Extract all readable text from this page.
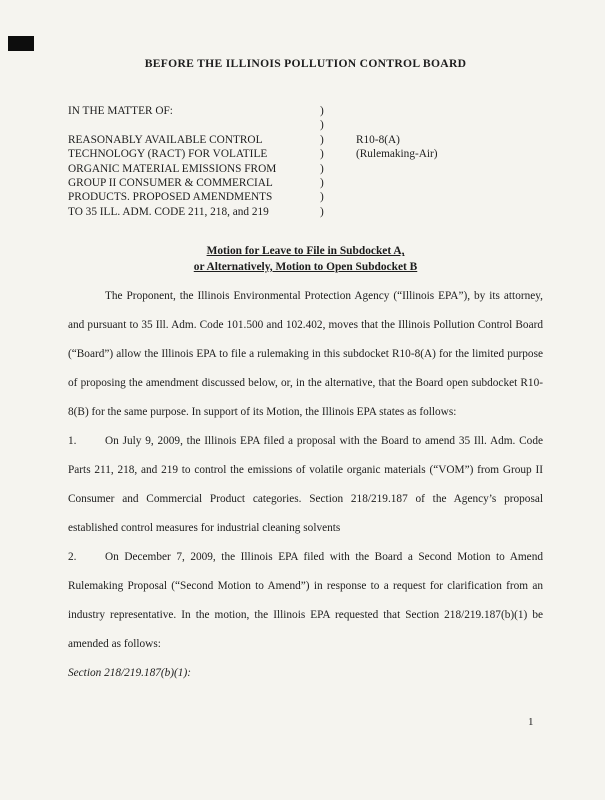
BEFORE THE ILLINOIS POLLUTION CONTROL BOARD
IN THE MATTER OF:
REASONABLY AVAILABLE CONTROL
TECHNOLOGY (RACT) FOR VOLATILE
ORGANIC MATERIAL EMISSIONS FROM
GROUP II CONSUMER & COMMERCIAL
PRODUCTS. PROPOSED AMENDMENTS
TO 35 ILL. ADM. CODE 211, 218, and 219
)
)
)
)
)
)
)
)
R10-8(A)
(Rulemaking-Air)
Motion for Leave to File in Subdocket A,
or Alternatively, Motion to Open Subdocket B

The Proponent, the Illinois Environmental Protection Agency (“Illinois EPA”), by its attorney, and pursuant to 35 Ill. Adm. Code 101.500 and 102.402, moves that the Illinois Pollution Control Board (“Board”) allow the Illinois EPA to file a rulemaking in this subdocket R10-8(A) for the limited purpose of proposing the amendment discussed below, or, in the alternative, that the Board open subdocket R10-8(B) for the same purpose. In support of its Motion, the Illinois EPA states as follows:

1.	On July 9, 2009, the Illinois EPA filed a proposal with the Board to amend 35 Ill. Adm. Code Parts 211, 218, and 219 to control the emissions of volatile organic materials (“VOM”) from Group II Consumer and Commercial Product categories. Section 218/219.187 of the Agency’s proposal established control measures for industrial cleaning solvents

2.	On December 7, 2009, the Illinois EPA filed with the Board a Second Motion to Amend Rulemaking Proposal (“Second Motion to Amend”) in response to a request for clarification from an industry representative. In the motion, the Illinois EPA requested that Section 218/219.187(b)(1) be amended as follows:

Section 218/219.187(b)(1):

1
